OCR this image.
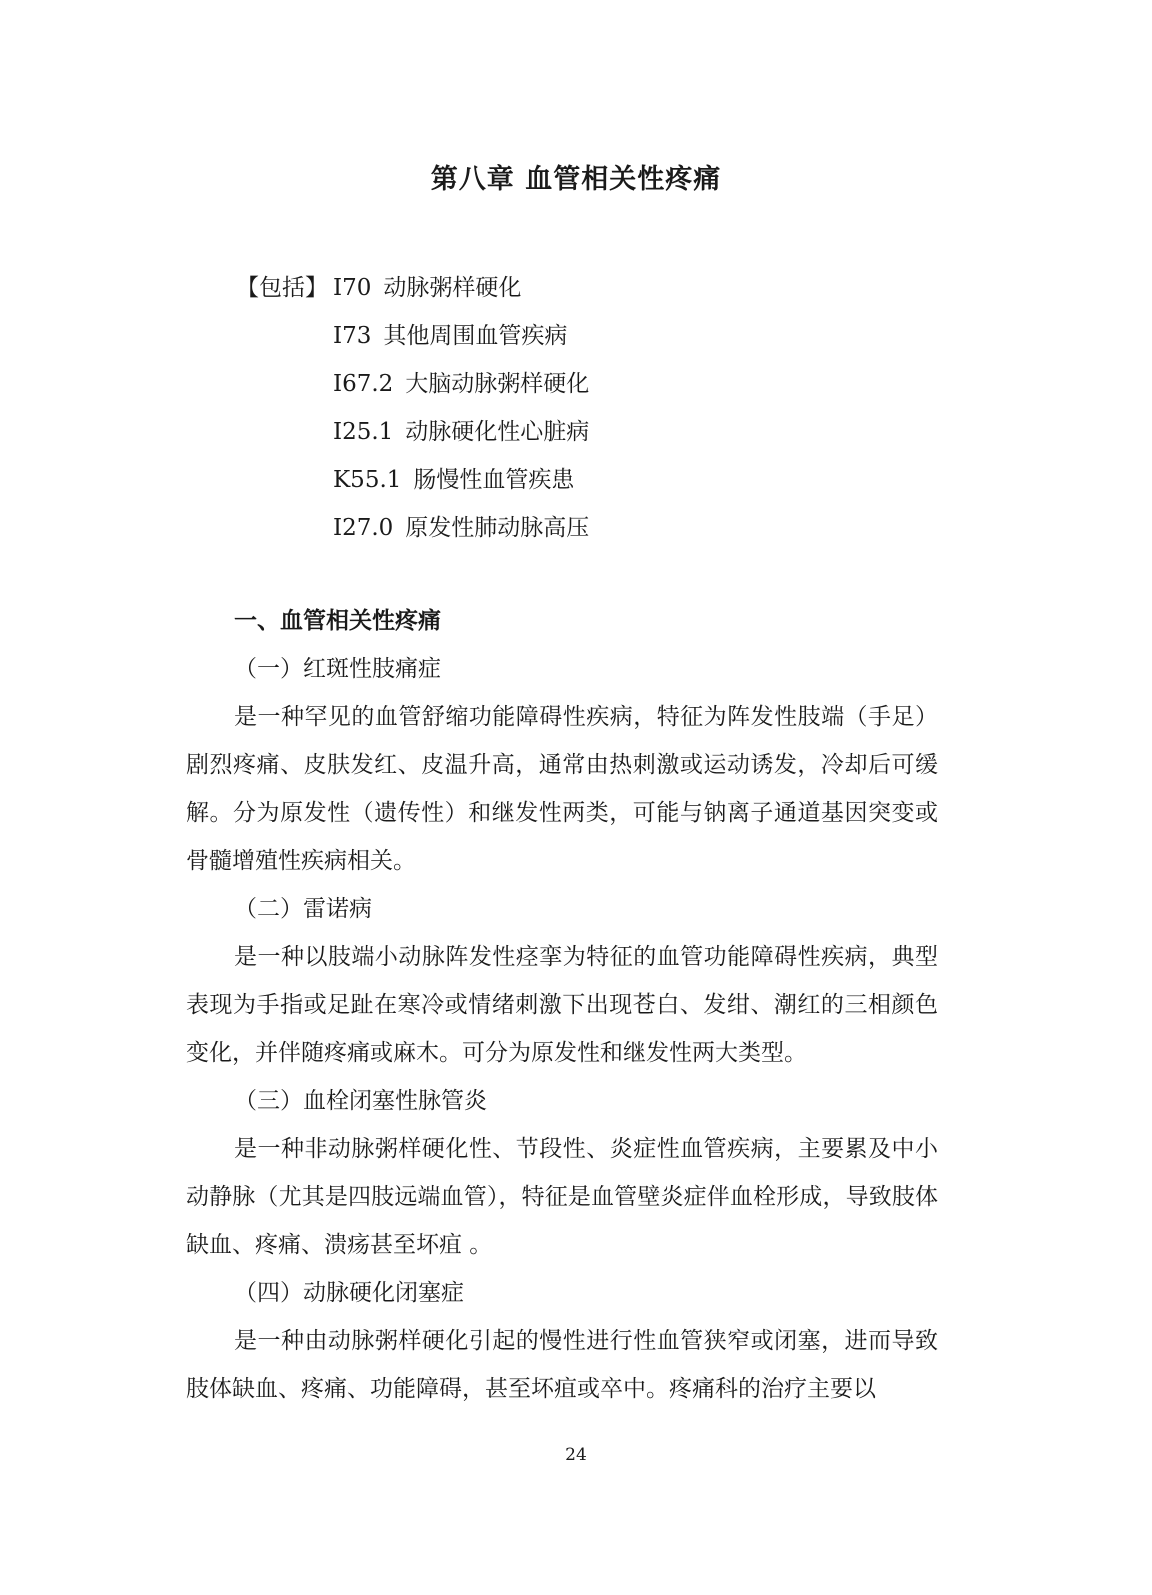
第八章 血管相关性疼痛
【包括】 I70 动脉粥样硬化
I73 其他周围血管疾病
I67.2 大脑动脉粥样硬化
I25.1 动脉硬化性心脏病
K55.1 肠慢性血管疾患
I27.0 原发性肺动脉高压
一、血管相关性疼痛
（一）红斑性肢痛症

是一种罕见的血管舒缩功能障碍性疾病，特征为阵发性肢端（手足）剧烈疼痛、皮肤发红、皮温升高，通常由热刺激或运动诱发，冷却后可缓解。分为原发性（遗传性）和继发性两类，可能与钠离子通道基因突变或骨髓增殖性疾病相关。

（二）雷诺病

是一种以肢端小动脉阵发性痉挛为特征的血管功能障碍性疾病，典型表现为手指或足趾在寒冷或情绪刺激下出现苍白、发绀、潮红的三相颜色变化，并伴随疼痛或麻木。可分为原发性和继发性两大类型。

（三）血栓闭塞性脉管炎

是一种非动脉粥样硬化性、节段性、炎症性血管疾病，主要累及中小动静脉（尤其是四肢远端血管），特征是血管壁炎症伴血栓形成，导致肢体缺血、疼痛、溃疡甚至坏疽 。

（四）动脉硬化闭塞症

是一种由动脉粥样硬化引起的慢性进行性血管狭窄或闭塞，进而导致肢体缺血、疼痛、功能障碍，甚至坏疽或卒中。疼痛科的治疗主要以

24
